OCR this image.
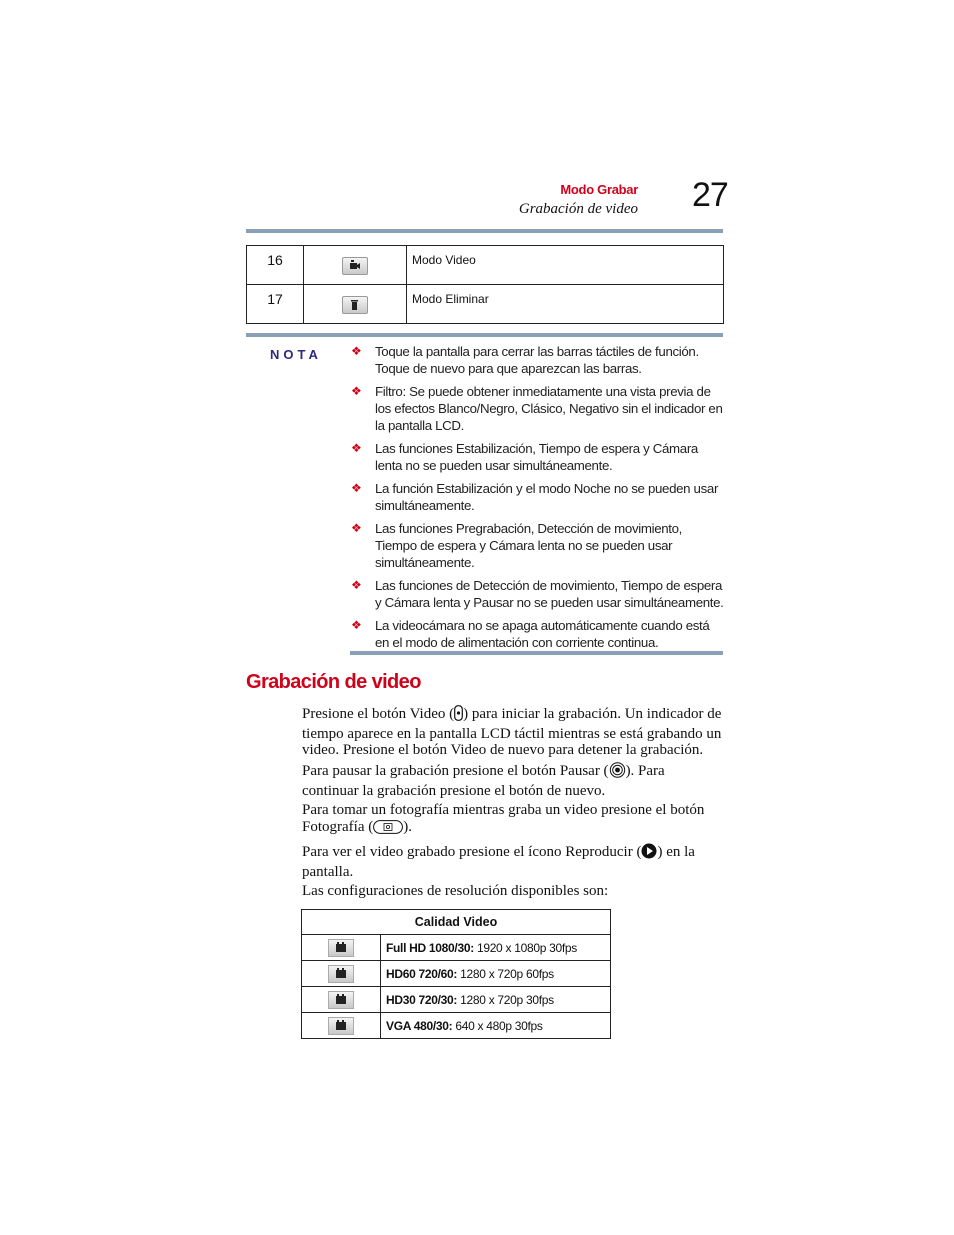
Modo Grabar
Grabación de video 27
16		Modo Video
17		Modo Eliminar
NOTA ❖ Toque la pantalla para cerrar las barras táctiles de función. Toque de nuevo para que aparezcan las barras.
❖ Filtro: Se puede obtener inmediatamente una vista previa de los efectos Blanco/Negro, Clásico, Negativo sin el indicador en la pantalla LCD.
❖ Las funciones Estabilización, Tiempo de espera y Cámara lenta no se pueden usar simultáneamente.
❖ La función Estabilización y el modo Noche no se pueden usar simultáneamente.
❖ Las funciones Pregrabación, Detección de movimiento, Tiempo de espera y Cámara lenta no se pueden usar simultáneamente.
❖ Las funciones de Detección de movimiento, Tiempo de espera y Cámara lenta y Pausar no se pueden usar simultáneamente.
❖ La videocámara no se apaga automáticamente cuando está en el modo de alimentación con corriente continua.
Grabación de video

Presione el botón Video ( ) para iniciar la grabación. Un indicador de tiempo aparece en la pantalla LCD táctil mientras se está grabando un video. Presione el botón Video de nuevo para detener la grabación.

Para pausar la grabación presione el botón Pausar ( ). Para continuar la grabación presione el botón de nuevo.

Para tomar un fotografía mientras graba un video presione el botón Fotografía ( ).

Para ver el video grabado presione el ícono Reproducir ( ) en la pantalla.

Las configuraciones de resolución disponibles son:

Calidad Video	

	Full HD 1080/30: 1920 x 1080p 30fps

	HD60 720/60: 1280 x 720p 60fps

	HD30 720/30: 1280 x 720p 30fps

	VGA 480/30: 640 x 480p 30fps
